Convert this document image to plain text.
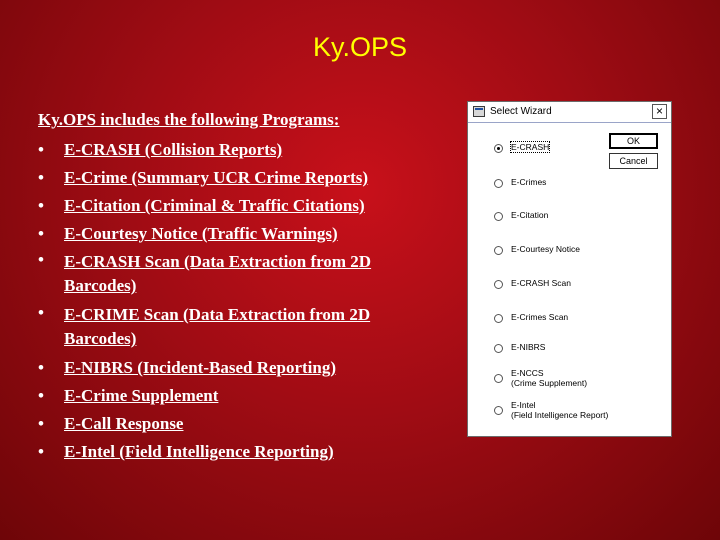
Ky.OPS

Ky.OPS includes the following Programs:

• E-CRASH (Collision Reports)
• E-Crime (Summary UCR Crime Reports)
• E-Citation (Criminal & Traffic Citations)
• E-Courtesy Notice (Traffic Warnings)
• E-CRASH Scan (Data Extraction from 2D Barcodes)
• E-CRIME Scan (Data Extraction from 2D Barcodes)
• E-NIBRS (Incident-Based Reporting)
• E-Crime Supplement
• E-Call Response
• E-Intel (Field Intelligence Reporting)
Select Wizard	×
OK
Cancel
E-CRASH
E-Crimes
E-Citation
E-Courtesy Notice
E-CRASH Scan
E-Crimes Scan
E-NIBRS
E-NCCS
(Crime Supplement)
E-Intel
(Field Intelligence Report)
